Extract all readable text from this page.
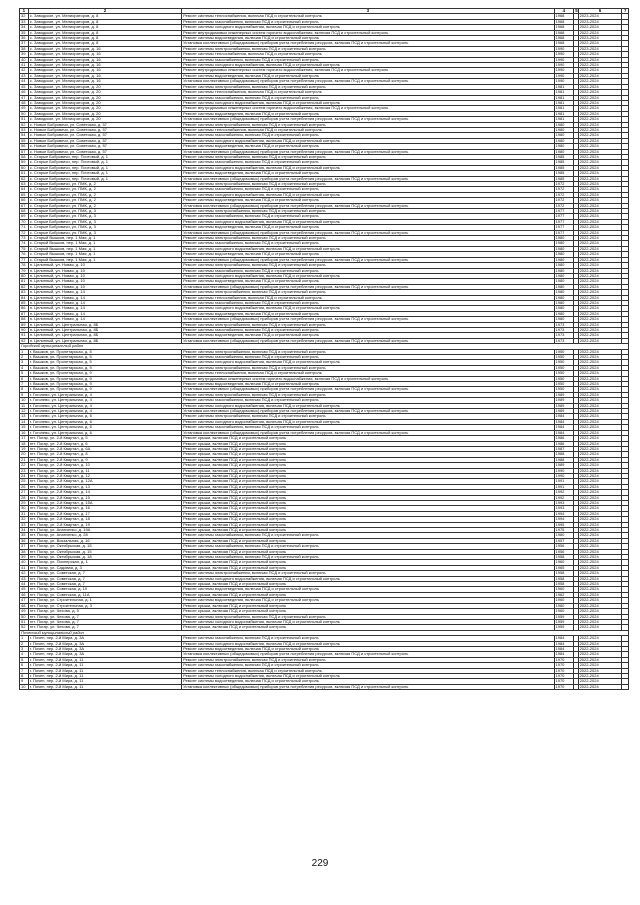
1	2	3	4	5	6	7
32	с. Заводское, ул. Мелиораторов, д. 8	Ремонт системы теплоснабжения, включая ПСД и строительный контроль	1968		2023-2024	
33	с. Заводское, ул. Мелиораторов, д. 8	Ремонт системы газоснабжения, включая ПСД и строительный контроль	1968		2023-2024	
34	с. Заводское, ул. Мелиораторов, д. 8	Ремонт системы холодного водоснабжения, включая ПСД и строительный контроль	1968		2022-2024	
35	с. Заводское, ул. Мелиораторов, д. 8	Ремонт внутридомовых инженерных систем горячего водоснабжения, включая ПСД и строительный контроль	1968		2022-2024	
36	с. Заводское, ул. Мелиораторов, д. 8	Ремонт системы водоотведения, включая ПСД и строительный контроль	1968		2023-2024	
37	с. Заводское, ул. Мелиораторов, д. 8	Установка коллективных (общедомовых) приборов учета потребления ресурсов, включая ПСД и строительный контроль	1968		2022-2024	
38	с. Заводское, ул. Мелиораторов, д. 16	Ремонт системы электроснабжения, включая ПСД и строительный контроль	1990		2023-2024	
39	с. Заводское, ул. Мелиораторов, д. 16	Ремонт системы теплоснабжения, включая ПСД и строительный контроль	1990		2022-2024	
40	с. Заводское, ул. Мелиораторов, д. 16	Ремонт системы газоснабжения, включая ПСД и строительный контроль	1990		2022-2024	
41	с. Заводское, ул. Мелиораторов, д. 16	Ремонт системы холодного водоснабжения, включая ПСД и строительный контроль	1990		2022-2024	
42	с. Заводское, ул. Мелиораторов, д. 16	Ремонт внутридомовых инженерных систем горячего водоснабжения, включая ПСД и строительный контроль	1990		2022-2024	
43	с. Заводское, ул. Мелиораторов, д. 16	Ремонт системы водоотведения, включая ПСД и строительный контроль	1990		2022-2024	
44	с. Заводское, ул. Мелиораторов, д. 16	Установка коллективных (общедомовых) приборов учета потребления ресурсов, включая ПСД и строительный контроль	1990		2022-2024	
45	с. Заводское, ул. Мелиораторов, д. 20	Ремонт системы электроснабжения, включая ПСД и строительный контроль	1981		2022-2024	
46	с. Заводское, ул. Мелиораторов, д. 20	Ремонт системы теплоснабжения, включая ПСД и строительный контроль	1981		2022-2024	
47	с. Заводское, ул. Мелиораторов, д. 20	Ремонт системы газоснабжения, включая ПСД и строительный контроль	1981		2022-2024	
48	с. Заводское, ул. Мелиораторов, д. 20	Ремонт системы холодного водоснабжения, включая ПСД и строительный контроль	1981		2022-2024	
49	с. Заводское, ул. Мелиораторов, д. 20	Ремонт внутридомовых инженерных систем горячего водоснабжения, включая ПСД и строительный контроль	1981		2022-2024	
50	с. Заводское, ул. Мелиораторов, д. 20	Ремонт системы водоотведения, включая ПСД и строительный контроль	1981		2022-2024	
51	с. Заводское, ул. Мелиораторов, д. 20	Установка коллективных (общедомовых) приборов учета потребления ресурсов, включая ПСД и строительный контроль	1981		2022-2024	
52	с. Новые Бобровичи, ул. Советская, д. 57	Ремонт системы электроснабжения, включая ПСД и строительный контроль	1980		2022-2024	
53	с. Новые Бобровичи, ул. Советская, д. 57	Ремонт системы теплоснабжения, включая ПСД и строительный контроль	1980		2022-2024	
54	с. Новые Бобровичи, ул. Советская, д. 57	Ремонт системы газоснабжения, включая ПСД и строительный контроль	1980		2022-2024	
55	с. Новые Бобровичи, ул. Советская, д. 57	Ремонт системы холодного водоснабжения, включая ПСД и строительный контроль	1980		2022-2024	
56	с. Новые Бобровичи, ул. Советская, д. 57	Ремонт системы водоотведения, включая ПСД и строительный контроль	1980		2022-2024	
57	с. Новые Бобровичи, ул. Советская, д. 57	Установка коллективных (общедомовых) приборов учета потребления ресурсов, включая ПСД и строительный контроль	1980		2022-2024	
58	с. Старые Бобровичи, пер. Почтовый, д. 1	Ремонт системы электроснабжения, включая ПСД и строительный контроль	1985		2022-2024	
59	с. Старые Бобровичи, пер. Почтовый, д. 1	Ремонт системы газоснабжения, включая ПСД и строительный контроль	1985		2022-2024	
60	с. Старые Бобровичи, пер. Почтовый, д. 1	Ремонт системы холодного водоснабжения, включая ПСД и строительный контроль	1985		2022-2024	
61	с. Старые Бобровичи, пер. Почтовый, д. 1	Ремонт системы водоотведения, включая ПСД и строительный контроль	1985		2022-2024	
62	с. Старые Бобровичи, пер. Почтовый, д. 1	Установка коллективных (общедомовых) приборов учета потребления ресурсов, включая ПСД и строительный контроль	1985		2022-2024	
63	с. Старые Бобровичи, ул. ПМК, д. 2	Ремонт системы электроснабжения, включая ПСД и строительный контроль	1972		2022-2024	
64	с. Старые Бобровичи, ул. ПМК, д. 2	Ремонт системы газоснабжения, включая ПСД и строительный контроль	1972		2022-2024	
65	с. Старые Бобровичи, ул. ПМК, д. 2	Ремонт системы холодного водоснабжения, включая ПСД и строительный контроль	1972		2022-2024	
66	с. Старые Бобровичи, ул. ПМК, д. 2	Ремонт системы водоотведения, включая ПСД и строительный контроль	1972		2022-2024	
67	с. Старые Бобровичи, ул. ПМК, д. 2	Установка коллективных (общедомовых) приборов учета потребления ресурсов, включая ПСД и строительный контроль	1972		2022-2024	
68	с. Старые Бобровичи, ул. ПМК, д. 3	Ремонт системы электроснабжения, включая ПСД и строительный контроль	1977		2022-2024	
69	с. Старые Бобровичи, ул. ПМК, д. 3	Ремонт системы газоснабжения, включая ПСД и строительный контроль	1977		2022-2024	
70	с. Старые Бобровичи, ул. ПМК, д. 3	Ремонт системы холодного водоснабжения, включая ПСД и строительный контроль	1977		2022-2024	
71	с. Старые Бобровичи, ул. ПМК, д. 3	Ремонт системы водоотведения, включая ПСД и строительный контроль	1977		2022-2024	
72	с. Старые Бобровичи, ул. ПМК, д. 3	Установка коллективных (общедомовых) приборов учета потребления ресурсов, включая ПСД и строительный контроль	1977		2022-2024	
73	с. Старый Вышков, пер. 1 Мая, д. 1	Ремонт системы электроснабжения, включая ПСД и строительный контроль	1980		2022-2024	
74	с. Старый Вышков, пер. 1 Мая, д. 1	Ремонт системы газоснабжения, включая ПСД и строительный контроль	1980		2022-2024	
75	с. Старый Вышков, пер. 1 Мая, д. 1	Ремонт системы холодного водоснабжения, включая ПСД и строительный контроль	1980		2022-2024	
76	с. Старый Вышков, пер. 1 Мая, д. 1	Ремонт системы водоотведения, включая ПСД и строительный контроль	1980		2022-2024	
77	с. Старый Вышков, пер. 1 Мая, д. 1	Установка коллективных (общедомовых) приборов учета потребления ресурсов, включая ПСД и строительный контроль	1980		2022-2024	
78	п. Целинный, ул. Новая, д. 10	Ремонт системы электроснабжения, включая ПСД и строительный контроль	1980		2022-2024	
79	п. Целинный, ул. Новая, д. 10	Ремонт системы газоснабжения, включая ПСД и строительный контроль	1980		2022-2024	
80	п. Целинный, ул. Новая, д. 10	Ремонт системы холодного водоснабжения, включая ПСД и строительный контроль	1980		2022-2024	
81	п. Целинный, ул. Новая, д. 10	Ремонт системы водоотведения, включая ПСД и строительный контроль	1980		2022-2024	
82	п. Целинный, ул. Новая, д. 10	Установка коллективных (общедомовых) приборов учета потребления ресурсов, включая ПСД и строительный контроль	1980		2022-2024	
83	п. Целинный, ул. Новая, д. 14	Ремонт системы электроснабжения, включая ПСД и строительный контроль	1980		2022-2024	
84	п. Целинный, ул. Новая, д. 14	Ремонт системы теплоснабжения, включая ПСД и строительный контроль	1980		2022-2024	
85	п. Целинный, ул. Новая, д. 14	Ремонт системы газоснабжения, включая ПСД и строительный контроль	1980		2022-2024	
86	п. Целинный, ул. Новая, д. 14	Ремонт системы холодного водоснабжения, включая ПСД и строительный контроль	1980		2022-2024	
87	п. Целинный, ул. Новая, д. 14	Ремонт системы водоотведения, включая ПСД и строительный контроль	1980		2022-2024	
88	п. Целинный, ул. Новая, д. 14	Установка коллективных (общедомовых) приборов учета потребления ресурсов, включая ПСД и строительный контроль	1980		2022-2024	
89	п. Целинный, ул. Центральная, д. 8Б	Ремонт системы электроснабжения, включая ПСД и строительный контроль	1973		2022-2024	
90	п. Целинный, ул. Центральная, д. 8Б	Ремонт системы газоснабжения, включая ПСД и строительный контроль	1973		2022-2024	
91	п. Целинный, ул. Центральная, д. 8Б	Ремонт системы водоотведения, включая ПСД и строительный контроль	1973		2022-2024	
92	п. Целинный, ул. Центральная, д. 8Б	Установка коллективных (общедомовых) приборов учета потребления ресурсов, включая ПСД и строительный контроль	1973		2022-2024	
Городской муниципальный район						
1	г. Вышков, ул. Пролетарская, д. 5	Ремонт системы электроснабжения, включая ПСД и строительный контроль	1950		2022-2024	
2	г. Вышков, ул. Пролетарская, д. 5	Ремонт системы газоснабжения, включая ПСД и строительный контроль	1950		2022-2024	
3	г. Вышков, ул. Пролетарская, д. 5	Ремонт системы холодного водоснабжения, включая ПСД и строительный контроль	1950		2022-2024	
4	г. Вышков, ул. Пролетарская, д. 9	Ремонт системы электроснабжения, включая ПСД и строительный контроль	1950		2022-2024	
5	г. Вышков, ул. Пролетарская, д. 9	Ремонт системы теплоснабжения, включая ПСД и строительный контроль	1950		2022-2024	
6	г. Вышков, ул. Пролетарская, д. 9	Ремонт внутридомовых инженерных систем горячего водоснабжения, включая ПСД и строительный контроль	1950		2022-2024	
7	г. Вышков, ул. Пролетарская, д. 9	Ремонт системы водоотведения, включая ПСД и строительный контроль	1950		2022-2024	
8	г. Вышков, ул. Пролетарская, д. 9	Установка коллективных (общедомовых) приборов учета потребления ресурсов, включая ПСД и строительный контроль	1950		2022-2024	
9	г. Гоголево, ул. Центральная, д. 4	Ремонт системы электроснабжения, включая ПСД и строительный контроль	1989		2022-2024	
10	г. Гоголево, ул. Центральная, д. 4	Ремонт системы газоснабжения, включая ПСД и строительный контроль	1989		2022-2024	
11	г. Гоголево, ул. Центральная, д. 4	Ремонт системы холодного водоснабжения, включая ПСД и строительный контроль	1989		2022-2024	
12	г. Гоголево, ул. Центральная, д. 4	Установка коллективных (общедомовых) приборов учета потребления ресурсов, включая ПСД и строительный контроль	1989		2022-2024	
13	г. Гоголево, ул. Центральная, д. 6	Ремонт системы электроснабжения, включая ПСД и строительный контроль	1984		2022-2024	
14	г. Гоголево, ул. Центральная, д. 6	Ремонт системы холодного водоснабжения, включая ПСД и строительный контроль	1984		2022-2024	
15	г. Гоголево, ул. Центральная, д. 6	Ремонт системы газоснабжения, включая ПСД и строительный контроль	1984		2022-2024	
16	г. Гоголево, ул. Центральная, д. 6	Установка коллективных (общедомовых) приборов учета потребления ресурсов, включая ПСД и строительный контроль	1984		2022-2024	
17	пгт. Погар, ул. 2-й Квартал, д. 5	Ремонт крыши, включая ПСД и строительный контроль	1986		2022-2024	
18	пгт. Погар, ул. 2-й Квартал, д. 6	Ремонт крыши, включая ПСД и строительный контроль	1986		2022-2024	
19	пгт. Погар, ул. 2-й Квартал, д. 6А	Ремонт крыши, включая ПСД и строительный контроль	1987		2022-2024	
20	пгт. Погар, ул. 2-й Квартал, д. 8	Ремонт крыши, включая ПСД и строительный контроль	1988		2022-2024	
21	пгт. Погар, ул. 2-й Квартал, д. 9	Ремонт крыши, включая ПСД и строительный контроль	1988		2022-2024	
22	пгт. Погар, ул. 2-й Квартал, д. 10	Ремонт крыши, включая ПСД и строительный контроль	1989		2022-2024	
23	пгт. Погар, ул. 2-й Квартал, д. 11	Ремонт крыши, включая ПСД и строительный контроль	1990		2022-2024	
24	пгт. Погар, ул. 2-й Квартал, д. 12	Ремонт крыши, включая ПСД и строительный контроль	1990		2022-2024	
25	пгт. Погар, ул. 2-й Квартал, д. 12А	Ремонт крыши, включая ПСД и строительный контроль	1991		2022-2024	
26	пгт. Погар, ул. 2-й Квартал, д. 13	Ремонт крыши, включая ПСД и строительный контроль	1991		2022-2024	
27	пгт. Погар, ул. 2-й Квартал, д. 14	Ремонт крыши, включая ПСД и строительный контроль	1992		2022-2024	
28	пгт. Погар, ул. 2-й Квартал, д. 15	Ремонт крыши, включая ПСД и строительный контроль	1992		2022-2024	
29	пгт. Погар, ул. 2-й Квартал, д. 15А	Ремонт крыши, включая ПСД и строительный контроль	1993		2022-2024	
30	пгт. Погар, ул. 2-й Квартал, д. 16	Ремонт крыши, включая ПСД и строительный контроль	1993		2022-2024	
31	пгт. Погар, ул. 2-й Квартал, д. 17	Ремонт крыши, включая ПСД и строительный контроль	1994		2022-2024	
32	пгт. Погар, ул. 2-й Квартал, д. 18	Ремонт крыши, включая ПСД и строительный контроль	1994		2022-2024	
33	пгт. Погар, ул. 2-й Квартал, д. 19	Ремонт крыши, включая ПСД и строительный контроль	1995		2022-2024	
34	пгт. Погар, ул. Ананченко, д. 19А	Ремонт крыши, включая ПСД и строительный контроль	1975		2022-2024	
35	пгт. Погар, ул. Ананченко, д. 28	Ремонт системы газоснабжения, включая ПСД и строительный контроль	1960		2022-2024	
36	пгт. Погар, ул. Вокзальная, д. 16	Ремонт крыши, включая ПСД и строительный контроль	1957		2022-2024	
37	пгт. Погар, ул. Октябрьская, д. 15	Ремонт системы газоснабжения, включая ПСД и строительный контроль	1956		2022-2024	
38	пгт. Погар, ул. Октябрьская, д. 15	Ремонт крыши, включая ПСД и строительный контроль	1956		2022-2024	
39	пгт. Погар, ул. Октябрьская, д. 18	Ремонт системы газоснабжения, включая ПСД и строительный контроль	1958		2022-2024	
40	пгт. Погар, ул. Пионерская, д. 1	Ремонт крыши, включая ПСД и строительный контроль	1960		2022-2024	
41	пгт. Погар, ул. Садовая, д. 3	Ремонт крыши, включая ПСД и строительный контроль	1965		2022-2024	
42	пгт. Погар, ул. Советская, д. 7	Ремонт системы электроснабжения, включая ПСД и строительный контроль	1958		2022-2024	
43	пгт. Погар, ул. Советская, д. 7	Ремонт системы холодного водоснабжения, включая ПСД и строительный контроль	1958		2022-2024	
44	пгт. Погар, ул. Советская, д. 7	Ремонт крыши, включая ПСД и строительный контроль	1958		2022-2024	
45	пгт. Погар, ул. Советская, д. 10	Ремонт системы водоотведения, включая ПСД и строительный контроль	1960		2022-2024	
46	пгт. Погар, ул. Советская, д. 11А	Ремонт крыши, включая ПСД и строительный контроль	1962		2022-2024	
47	пгт. Погар, ул. Строительная, д. 1	Ремонт системы водоотведения, включая ПСД и строительный контроль	1960		2022-2024	
48	пгт. Погар, ул. Строительная, д. 3	Ремонт крыши, включая ПСД и строительный контроль	1960		2022-2024	
49	пгт. Погар, ул. Чехова, д. 5	Ремонт крыши, включая ПСД и строительный контроль	1960		2022-2024	
50	пгт. Погар, ул. Чехова, д. 7	Ремонт системы электроснабжения, включая ПСД и строительный контроль	1959		2022-2024	
51	пгт. Погар, ул. Чехова, д. 7	Ремонт системы холодного водоснабжения, включая ПСД и строительный контроль	1959		2022-2024	
52	пгт. Погар, ул. Чехова, д. 7	Ремонт крыши, включая ПСД и строительный контроль	1959		2022-2024	
Почепский муниципальный район						
1	г. Почеп, пер. 2-й Мира, д. 3А	Ремонт системы газоснабжения, включая ПСД и строительный контроль	1984		2022-2024	
2	г. Почеп, пер. 2-й Мира, д. 3А	Ремонт системы холодного водоснабжения, включая ПСД и строительный контроль	1984		2022-2024	
3	г. Почеп, пер. 2-й Мира, д. 3А	Ремонт системы водоотведения, включая ПСД и строительный контроль	1984		2022-2024	
4	г. Почеп, пер. 2-й Мира, д. 3А	Установка коллективных (общедомовых) приборов учета потребления ресурсов, включая ПСД и строительный контроль	1984		2022-2024	
5	г. Почеп, пер. 2-й Мира, д. 11	Ремонт системы электроснабжения, включая ПСД и строительный контроль	1970		2022-2024	
6	г. Почеп, пер. 2-й Мира, д. 11	Ремонт системы газоснабжения, включая ПСД и строительный контроль	1970		2022-2024	
7	г. Почеп, пер. 2-й Мира, д. 11	Ремонт системы теплоснабжения, включая ПСД и строительный контроль	1970		2022-2024	
8	г. Почеп, пер. 2-й Мира, д. 11	Ремонт системы холодного водоснабжения, включая ПСД и строительный контроль	1970		2022-2024	
9	г. Почеп, пер. 2-й Мира, д. 11	Ремонт системы водоотведения, включая ПСД и строительный контроль	1970		2022-2024	
10	г. Почеп, пер. 2-й Мира, д. 11	Установка коллективных (общедомовых) приборов учета потребления ресурсов, включая ПСД и строительный контроль	1970		2022-2024	
229
